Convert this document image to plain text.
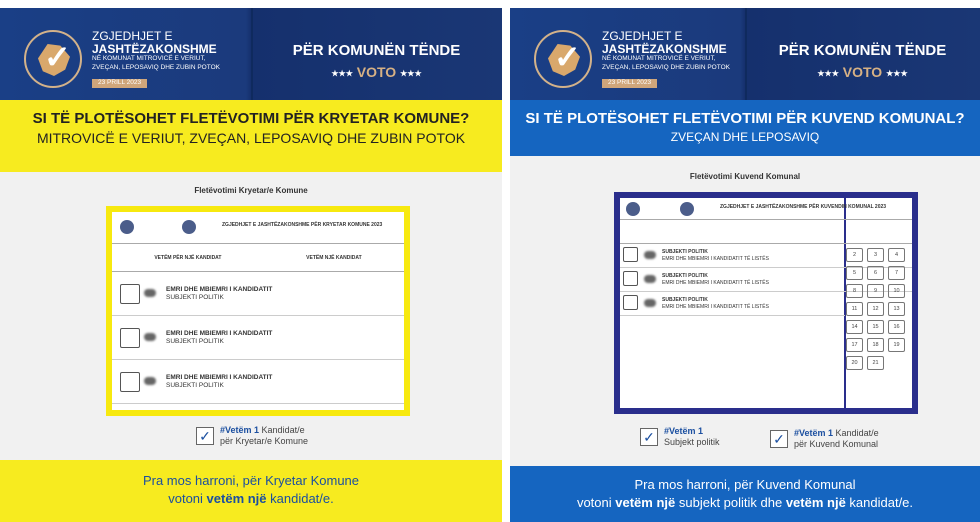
✓
ZGJEDHJET E
JASHTËZAKONSHME
NË KOMUNAT MITROVICË E VERIUT,
ZVEÇAN, LEPOSAVIQ DHE ZUBIN POTOK
23 PRILL 2023
PËR KOMUNËN TËNDE
★★★ VOTO ★★★
SI TË PLOTËSOHET FLETËVOTIMI PËR KRYETAR KOMUNE?
MITROVICË E VERIUT, ZVEÇAN, LEPOSAVIQ DHE ZUBIN POTOK
Fletëvotimi Kryetar/e Komune
ZGJEDHJET E JASHTËZAKONSHME PËR KRYETAR KOMUNE 2023
VETËM PËR NJË KANDIDAT	VETËM NJË KANDIDAT
EMRI DHE MBIEMRI I KANDIDATIT
SUBJEKTI POLITIK
EMRI DHE MBIEMRI I KANDIDATIT
SUBJEKTI POLITIK
EMRI DHE MBIEMRI I KANDIDATIT
SUBJEKTI POLITIK
✓	#Vetëm 1 Kandidat/e
për Kryetar/e Komune
Pra mos harroni, për Kryetar Komune
votoni vetëm një kandidat/e.
✓
ZGJEDHJET E
JASHTËZAKONSHME
NË KOMUNAT MITROVICË E VERIUT,
ZVEÇAN, LEPOSAVIQ DHE ZUBIN POTOK
23 PRILL 2023
PËR KOMUNËN TËNDE
★★★ VOTO ★★★
SI TË PLOTËSOHET FLETËVOTIMI PËR KUVEND KOMUNAL?
ZVEÇAN DHE LEPOSAVIQ
Fletëvotimi Kuvend Komunal
ZGJEDHJET E JASHTËZAKONSHME PËR KUVENDIN KOMUNAL 2023
SUBJEKTI POLITIK
EMRI DHE MBIEMRI I KANDIDATIT TË LISTËS
SUBJEKTI POLITIK
EMRI DHE MBIEMRI I KANDIDATIT TË LISTËS
SUBJEKTI POLITIK
EMRI DHE MBIEMRI I KANDIDATIT TË LISTËS
2	3	4
5	6	7
8	9	10
11	12	13
14	15	16
17	18	19
20	21
✓	#Vetëm 1
Subjekt politik	✓	#Vetëm 1 Kandidat/e
për Kuvend Komunal
Pra mos harroni, për Kuvend Komunal
votoni vetëm një subjekt politik dhe vetëm një kandidat/e.
